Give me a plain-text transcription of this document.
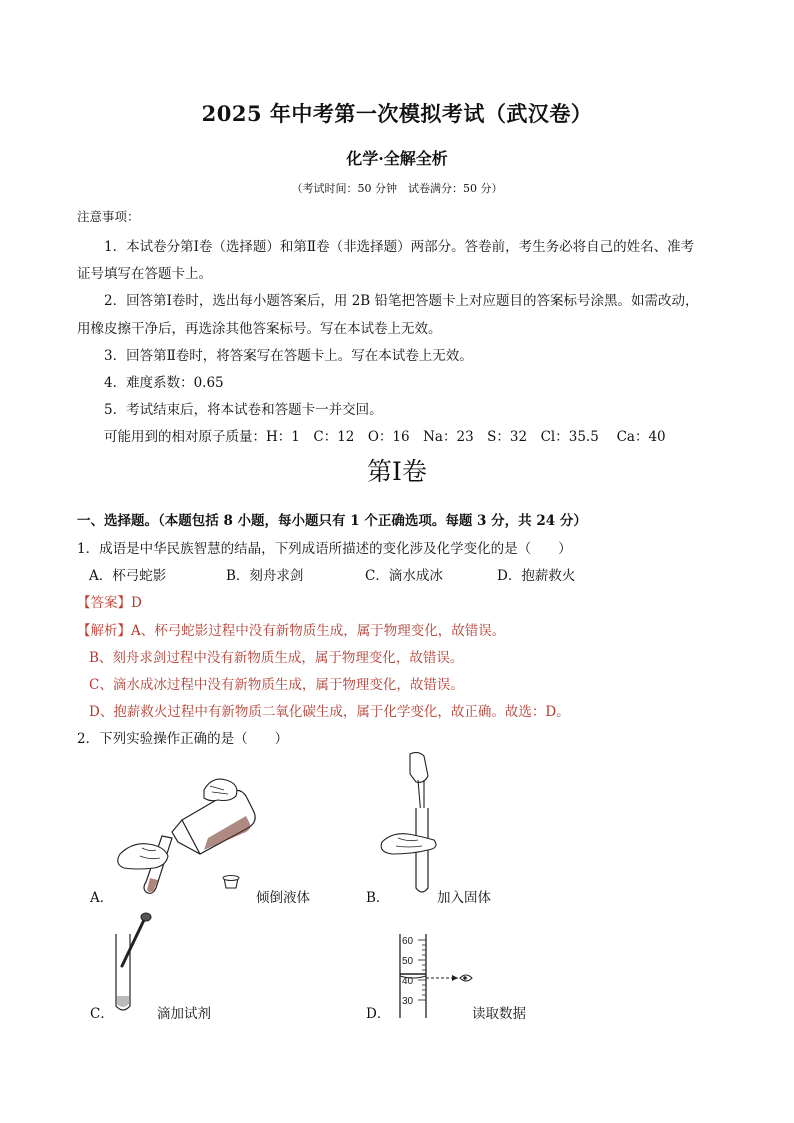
2025 年中考第一次模拟考试（武汉卷）
化学·全解全析
（考试时间：50 分钟　试卷满分：50 分）
注意事项：
1．本试卷分第Ⅰ卷（选择题）和第Ⅱ卷（非选择题）两部分。答卷前，考生务必将自己的姓名、准考
证号填写在答题卡上。
2．回答第Ⅰ卷时，选出每小题答案后，用 2B 铅笔把答题卡上对应题目的答案标号涂黑。如需改动，
用橡皮擦干净后，再选涂其他答案标号。写在本试卷上无效。
3．回答第Ⅱ卷时，将答案写在答题卡上。写在本试卷上无效。
4．难度系数：0.65
5．考试结束后，将本试卷和答题卡一并交回。
可能用到的相对原子质量：H：1　C：12　O：16　Na：23　S：32　Cl：35.5　 Ca：40
第Ⅰ卷
一、选择题。（本题包括 8 小题，每小题只有 1 个正确选项。每题 3 分，共 24 分）
1．成语是中华民族智慧的结晶，下列成语所描述的变化涉及化学变化的是（　　）
A．杯弓蛇影	B．刻舟求剑	C．滴水成冰	D．抱薪救火
【答案】D
【解析】A、杯弓蛇影过程中没有新物质生成，属于物理变化，故错误。
B、刻舟求剑过程中没有新物质生成，属于物理变化，故错误。
C、滴水成冰过程中没有新物质生成，属于物理变化，故错误。
D、抱薪救火过程中有新物质二氧化碳生成，属于化学变化，故正确。故选：D。
2．下列实验操作正确的是（　　）
A．	倾倒液体	B．	加入固体
C．	滴加试剂
60
50
40
30
D．	读取数据
